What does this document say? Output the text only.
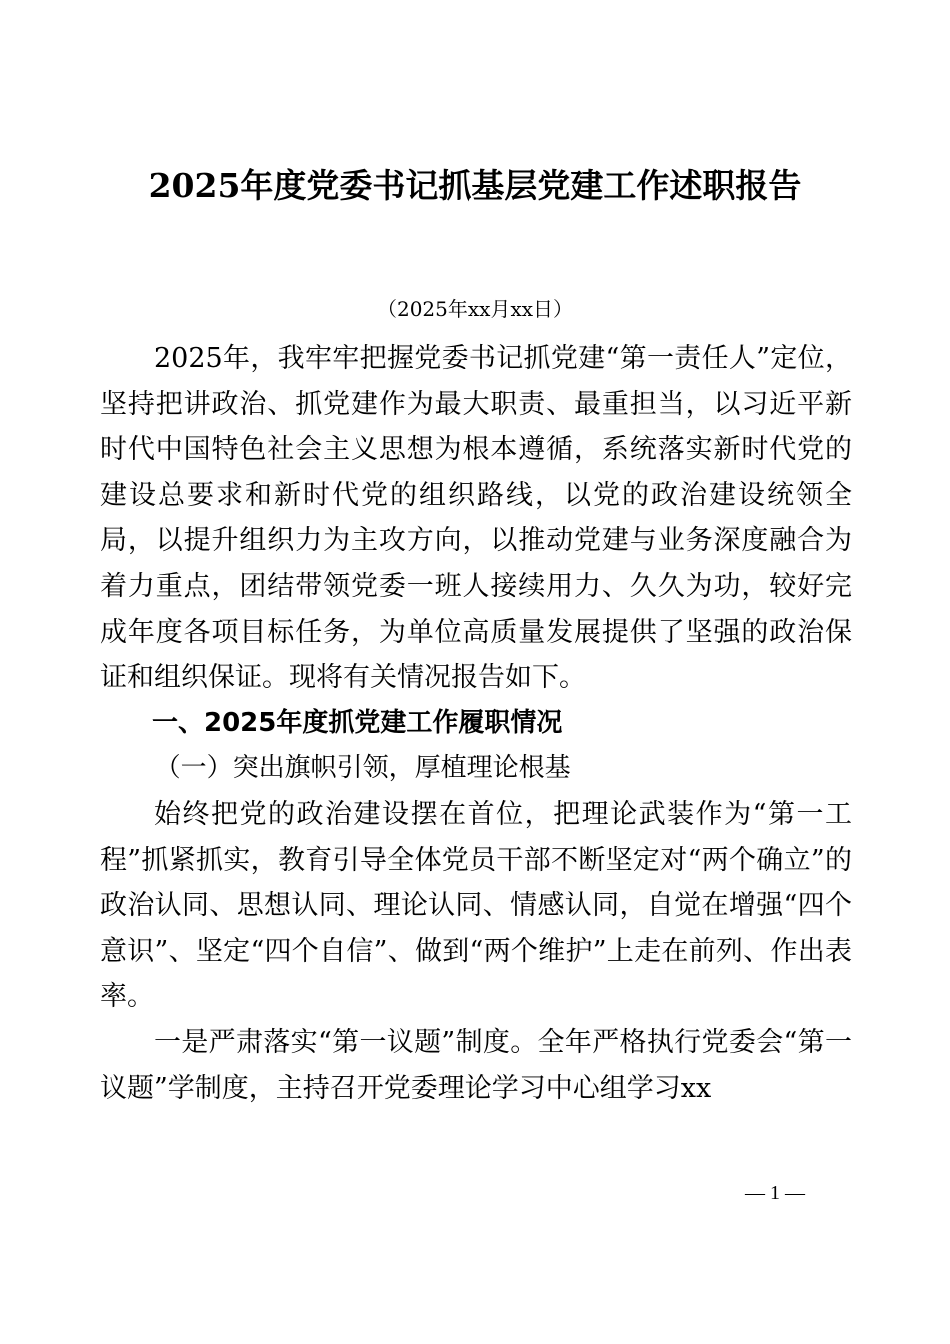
2025年度党委书记抓基层党建工作述职报告
（2025年xx月xx日）

2025年，我牢牢把握党委书记抓党建“第一责任人”定位，坚持把讲政治、抓党建作为最大职责、最重担当，以习近平新时代中国特色社会主义思想为根本遵循，系统落实新时代党的建设总要求和新时代党的组织路线，以党的政治建设统领全局，以提升组织力为主攻方向，以推动党建与业务深度融合为着力重点，团结带领党委一班人接续用力、久久为功，较好完成年度各项目标任务，为单位高质量发展提供了坚强的政治保证和组织保证。现将有关情况报告如下。

一、2025年度抓党建工作履职情况

（一）突出旗帜引领，厚植理论根基

始终把党的政治建设摆在首位，把理论武装作为“第一工程”抓紧抓实，教育引导全体党员干部不断坚定对“两个确立”的政治认同、思想认同、理论认同、情感认同，自觉在增强“四个意识”、坚定“四个自信”、做到“两个维护”上走在前列、作出表率。

一是严肃落实“第一议题”制度。全年严格执行党委会“第一议题”学制度，主持召开党委理论学习中心组学习xx

— 1 —
